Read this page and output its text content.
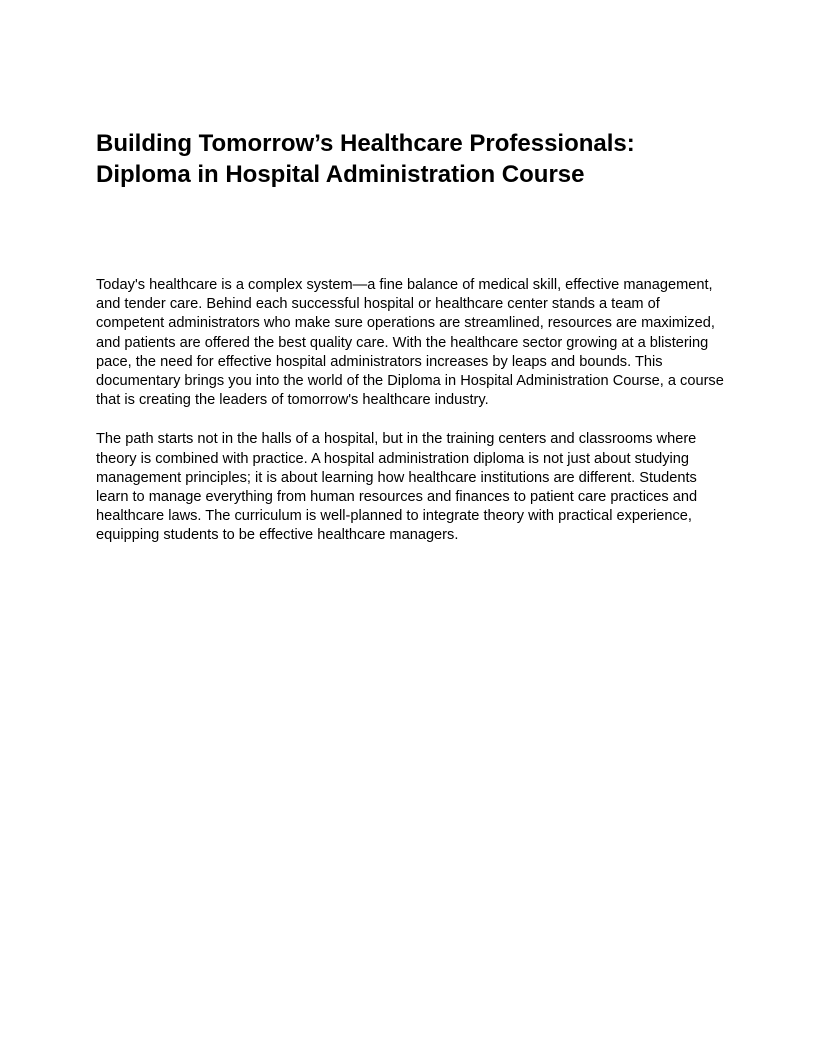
Building Tomorrow’s Healthcare Professionals:
Diploma in Hospital Administration Course

Today's healthcare is a complex system—a fine balance of medical skill, effective management, and tender care. Behind each successful hospital or healthcare center stands a team of competent administrators who make sure operations are streamlined, resources are maximized, and patients are offered the best quality care. With the healthcare sector growing at a blistering pace, the need for effective hospital administrators increases by leaps and bounds. This documentary brings you into the world of the Diploma in Hospital Administration Course, a course that is creating the leaders of tomorrow's healthcare industry.

The path starts not in the halls of a hospital, but in the training centers and classrooms where theory is combined with practice. A hospital administration diploma is not just about studying management principles; it is about learning how healthcare institutions are different. Students learn to manage everything from human resources and finances to patient care practices and healthcare laws. The curriculum is well-planned to integrate theory with practical experience, equipping students to be effective healthcare managers.
